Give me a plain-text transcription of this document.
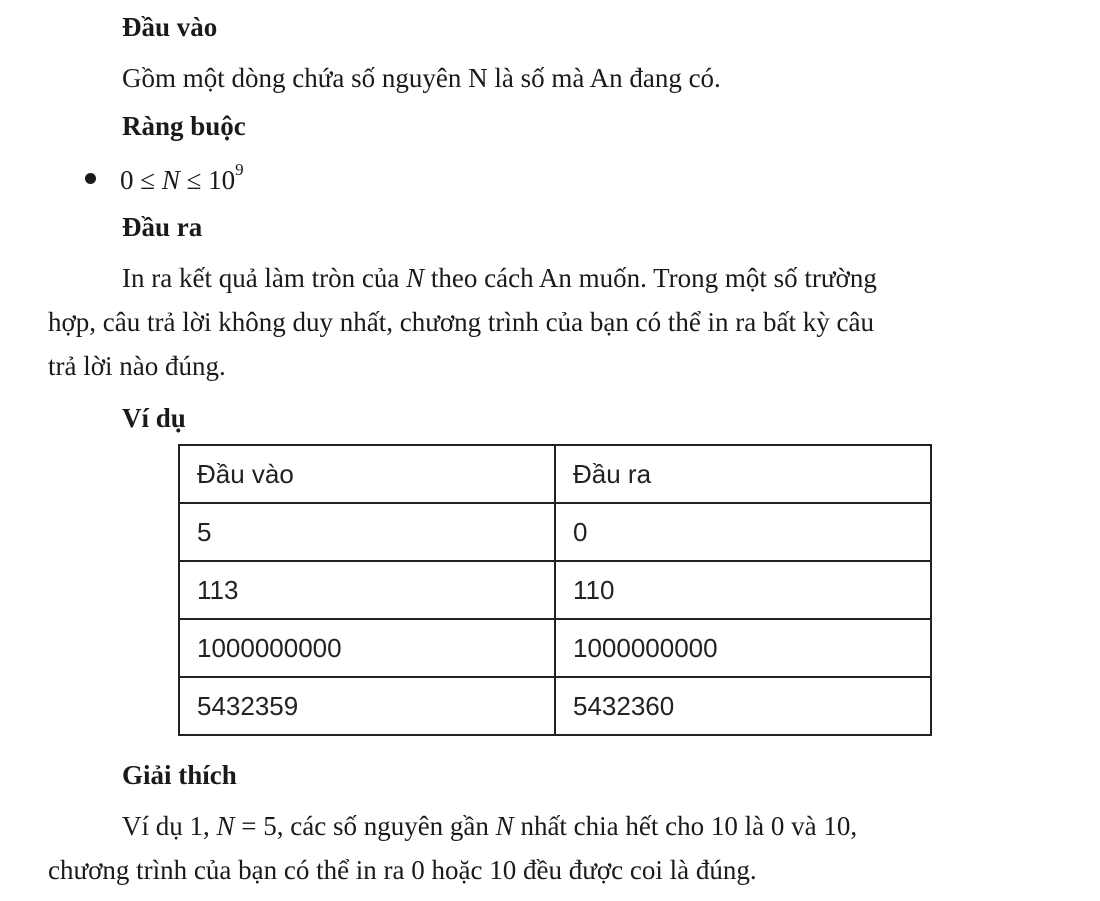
Đầu vào
Gồm một dòng chứa số nguyên N là số mà An đang có.
Ràng buộc
$0 \le N \le 10^9$
Đầu ra
In ra kết quả làm tròn của N theo cách An muốn. Trong một số trường
hợp, câu trả lời không duy nhất, chương trình của bạn có thể in ra bất kỳ câu
trả lời nào đúng.
Ví dụ
Đầu vào	Đầu ra
5	0
113	110
1000000000	1000000000
5432359	5432360
Giải thích
Ví dụ 1, N = 5, các số nguyên gần N nhất chia hết cho 10 là 0 và 10,
chương trình của bạn có thể in ra 0 hoặc 10 đều được coi là đúng.
